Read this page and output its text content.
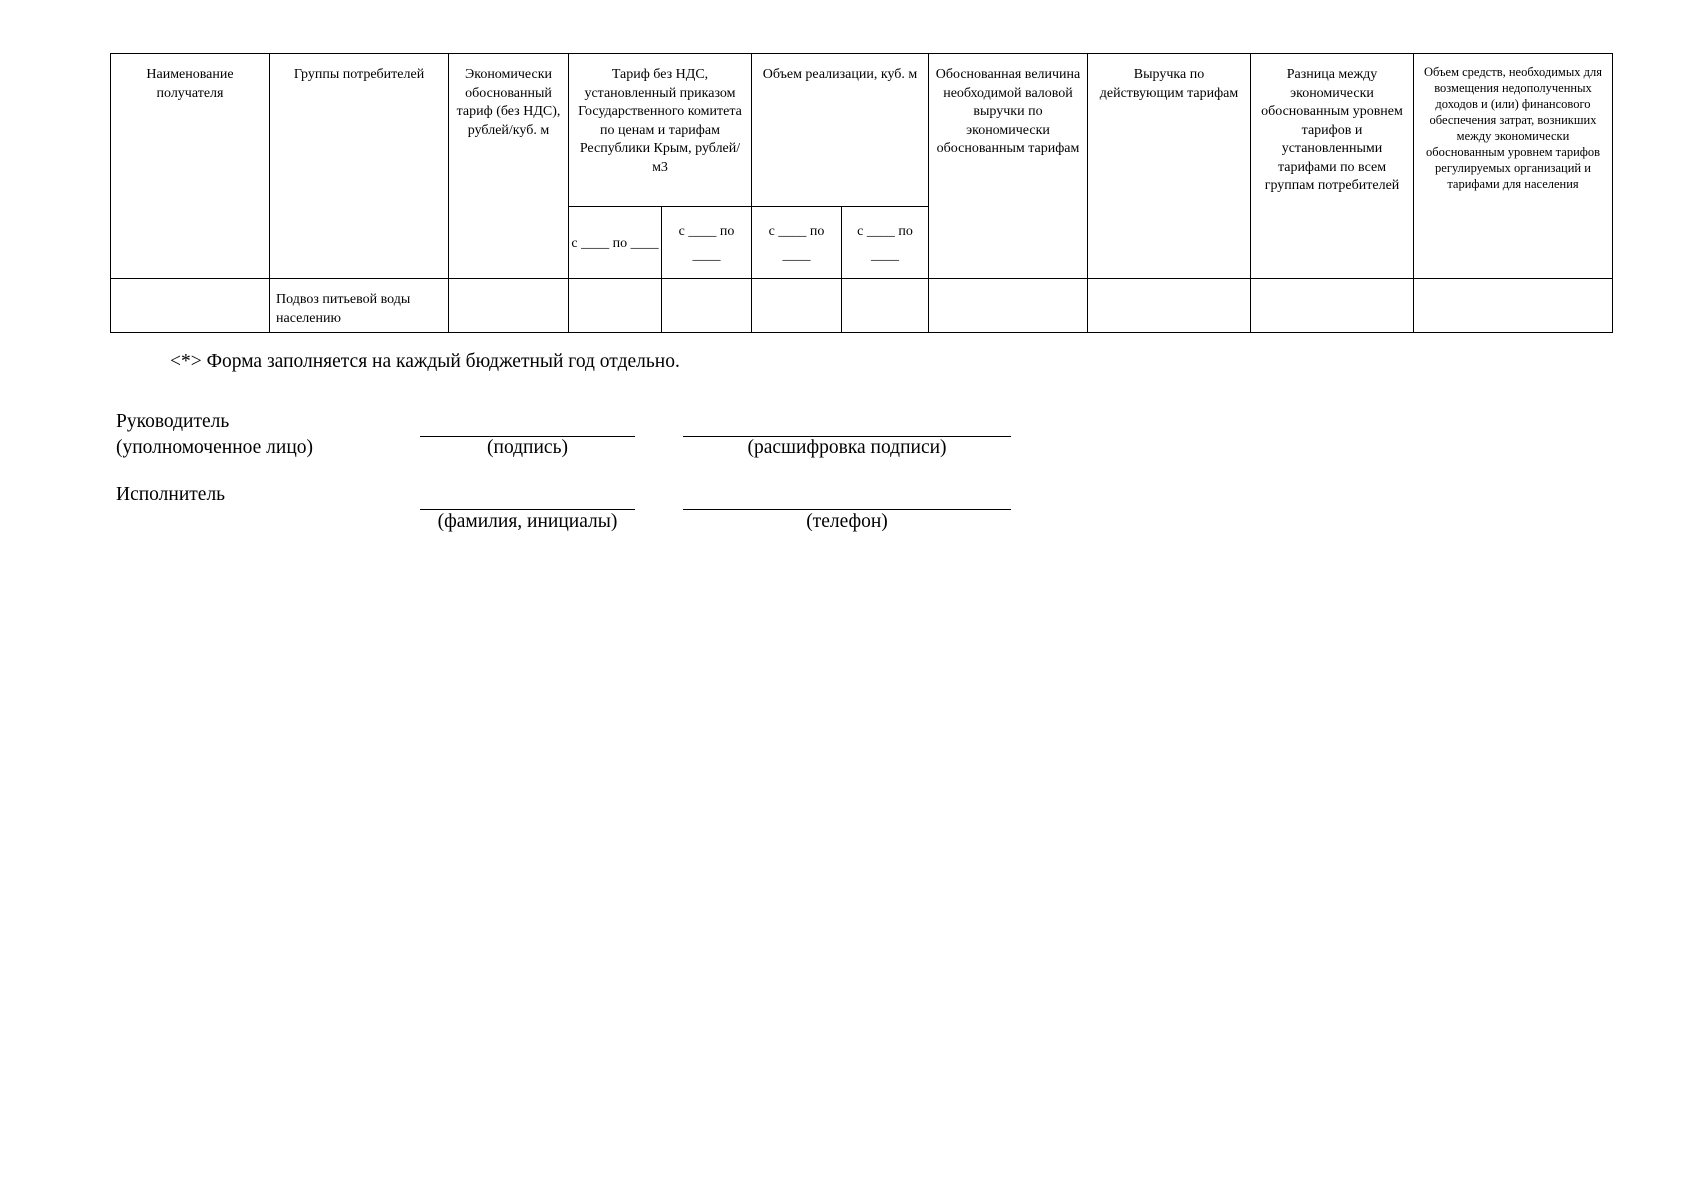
Наименование получателя	Группы потребителей	Экономически обоснованный тариф (без НДС), рублей/куб. м	Тариф без НДС, установленный приказом Государственного комитета по ценам и тарифам Республики Крым, рублей/м3		Объем реализации, куб. м		Обоснованная величина необходимой валовой выручки по экономически обоснованным тарифам	Выручка по действующим тарифам	Разница между экономически обоснованным уровнем тарифов и установленными тарифами по всем группам потребителей	Объем средств, необходимых для возмещения недополученных доходов и (или) финансового обеспечения затрат, возникших между экономически обоснованным уровнем тарифов регулируемых организаций и тарифами для населения
			с ____ по ____	с ____ по ____	с ____ по ____	с ____ по ____				
	Подвоз питьевой воды населению									
<*> Форма заполняется на каждый бюджетный год отдельно.
Руководитель
(уполномоченное лицо)	(подпись)	(расшифровка подписи)
Исполнитель
(фамилия, инициалы)	(телефон)
